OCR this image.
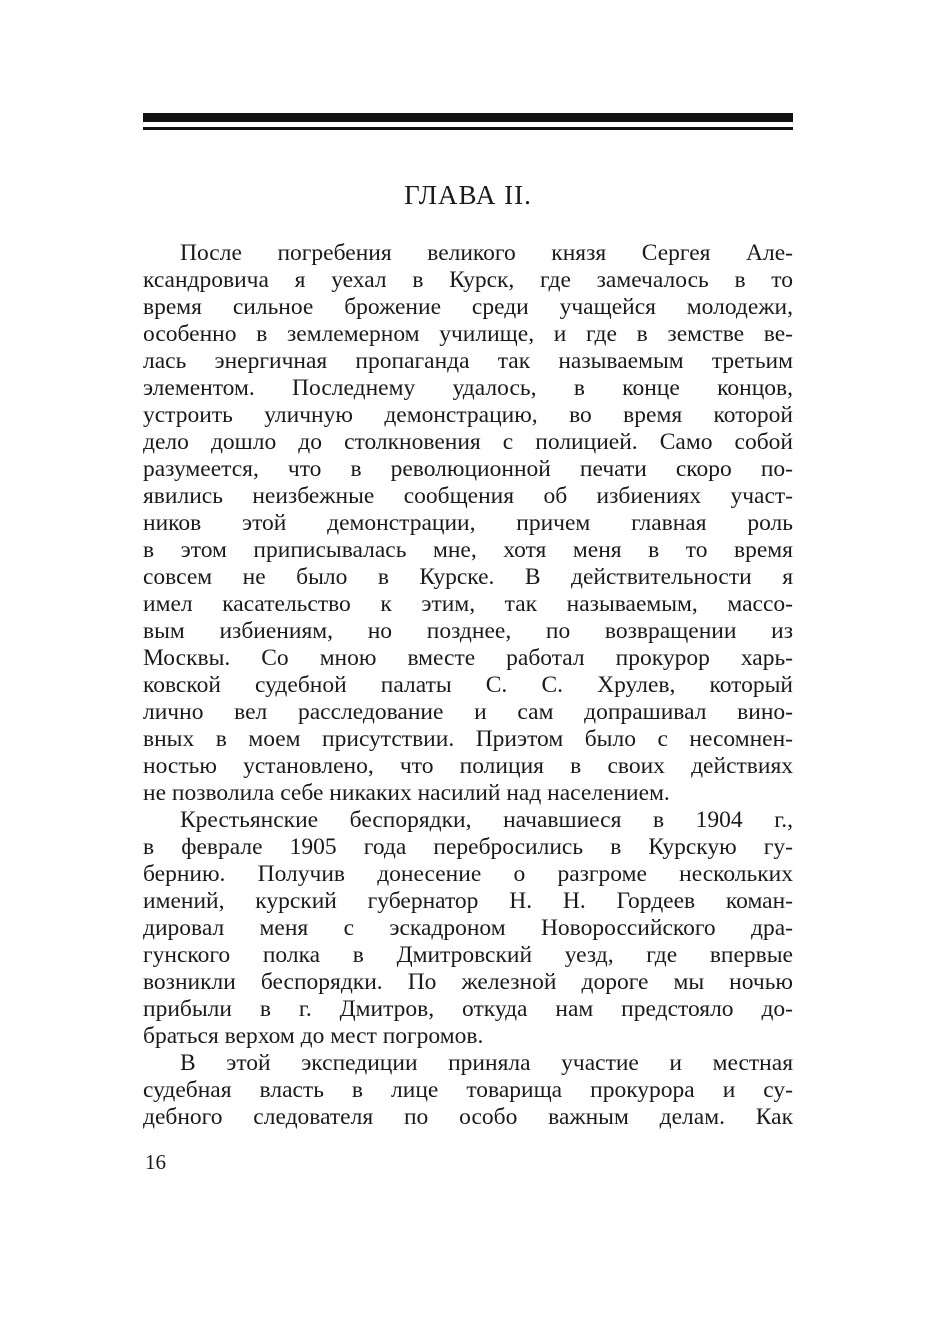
ГЛАВА II.
После погребения великого князя Сергея Але-
ксандровича я уехал в Курск, где замечалось в то
время сильное брожение среди учащейся молодежи,
особенно в землемерном училище, и где в земстве ве-
лась энергичная пропаганда так называемым третьим
элементом. Последнему удалось, в конце концов,
устроить уличную демонстрацию, во время которой
дело дошло до столкновения с полицией. Само собой
разумеется, что в революционной печати скоро по-
явились неизбежные сообщения об избиениях участ-
ников этой демонстрации, причем главная роль
в этом приписывалась мне, хотя меня в то время
совсем не было в Курске. В действительности я
имел касательство к этим, так называемым, массо-
вым избиениям, но позднее, по возвращении из
Москвы. Со мною вместе работал прокурор харь-
ковской судебной палаты С. С. Хрулев, который
лично вел расследование и сам допрашивал вино-
вных в моем присутствии. Приэтом было с несомнен-
ностью установлено, что полиция в своих действиях
не позволила себе никаких насилий над населением.
Крестьянские беспорядки, начавшиеся в 1904 г.,
в феврале 1905 года перебросились в Курскую гу-
бернию. Получив донесение о разгроме нескольких
имений, курский губернатор Н. Н. Гордеев коман-
дировал меня с эскадроном Новороссийского дра-
гунского полка в Дмитровский уезд, где впервые
возникли беспорядки. По железной дороге мы ночью
прибыли в г. Дмитров, откуда нам предстояло до-
браться верхом до мест погромов.
В этой экспедиции приняла участие и местная
судебная власть в лице товарища прокурора и су-
дебного следователя по особо важным делам. Как
16
